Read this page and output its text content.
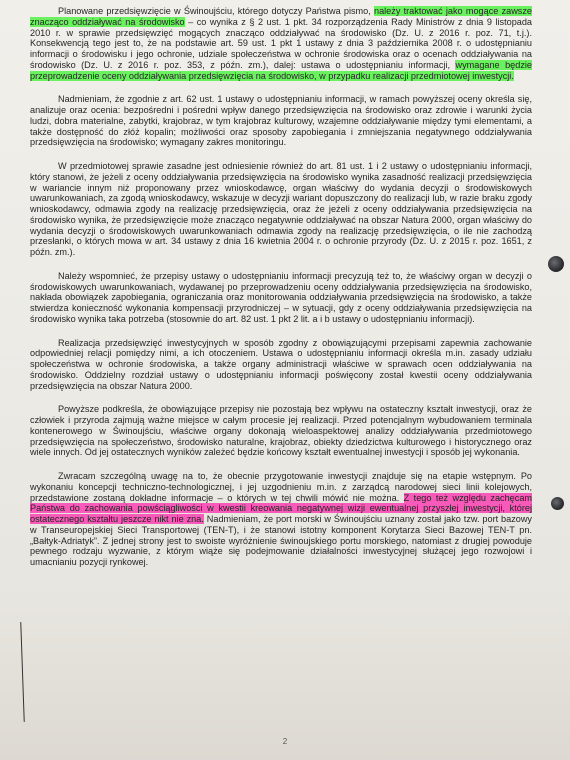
Planowane przedsięwzięcie w Świnoujściu, którego dotyczy Państwa pismo, należy traktować jako mogące zawsze znacząco oddziaływać na środowisko – co wynika z § 2 ust. 1 pkt. 34 rozporządzenia Rady Ministrów z dnia 9 listopada 2010 r. w sprawie przedsięwzięć mogących znacząco oddziaływać na środowisko (Dz. U. z 2016 r. poz. 71, t.j.). Konsekwencją tego jest to, że na podstawie art. 59 ust. 1 pkt 1 ustawy z dnia 3 października 2008 r. o udostępnianiu informacji o środowisku i jego ochronie, udziale społeczeństwa w ochronie środowiska oraz o ocenach oddziaływania na środowisko (Dz. U. z 2016 r. poz. 353, z późn. zm.), dalej: ustawa o udostępnianiu informacji, wymagane będzie przeprowadzenie oceny oddziaływania przedsięwzięcia na środowisko, w przypadku realizacji przedmiotowej inwestycji.

Nadmieniam, że zgodnie z art. 62 ust. 1 ustawy o udostępnianiu informacji, w ramach powyższej oceny określa się, analizuje oraz ocenia: bezpośredni i pośredni wpływ danego przedsięwzięcia na środowisko oraz zdrowie i warunki życia ludzi, dobra materialne, zabytki, krajobraz, w tym krajobraz kulturowy, wzajemne oddziaływanie między tymi elementami, a także dostępność do złóż kopalin; możliwości oraz sposoby zapobiegania i zmniejszania negatywnego oddziaływania przedsięwzięcia na środowisko; wymagany zakres monitoringu.

W przedmiotowej sprawie zasadne jest odniesienie również do art. 81 ust. 1 i 2 ustawy o udostępnianiu informacji, który stanowi, że jeżeli z oceny oddziaływania przedsięwzięcia na środowisko wynika zasadność realizacji przedsięwzięcia w wariancie innym niż proponowany przez wnioskodawcę, organ właściwy do wydania decyzji o środowiskowych uwarunkowaniach, za zgodą wnioskodawcy, wskazuje w decyzji wariant dopuszczony do realizacji lub, w razie braku zgody wnioskodawcy, odmawia zgody na realizację przedsięwzięcia, oraz że jeżeli z oceny oddziaływania przedsięwzięcia na środowisko wynika, że przedsięwzięcie może znacząco negatywnie oddziaływać na obszar Natura 2000, organ właściwy do wydania decyzji o środowiskowych uwarunkowaniach odmawia zgody na realizację przedsięwzięcia, o ile nie zachodzą przesłanki, o których mowa w art. 34 ustawy z dnia 16 kwietnia 2004 r. o ochronie przyrody (Dz. U. z 2015 r. poz. 1651, z późn. zm.).

Należy wspomnieć, że przepisy ustawy o udostępnianiu informacji precyzują też to, że właściwy organ w decyzji o środowiskowych uwarunkowaniach, wydawanej po przeprowadzeniu oceny oddziaływania przedsięwzięcia na środowisko, nakłada obowiązek zapobiegania, ograniczania oraz monitorowania oddziaływania przedsięwzięcia na środowisko, a także stwierdza konieczność wykonania kompensacji przyrodniczej – w sytuacji, gdy z oceny oddziaływania przedsięwzięcia na środowisko wynika taka potrzeba (stosownie do art. 82 ust. 1 pkt 2 lit. a i b ustawy o udostępnianiu informacji).

Realizacja przedsięwzięć inwestycyjnych w sposób zgodny z obowiązującymi przepisami zapewnia zachowanie odpowiedniej relacji pomiędzy nimi, a ich otoczeniem. Ustawa o udostępnianiu informacji określa m.in. zasady udziału społeczeństwa w ochronie środowiska, a także organy administracji właściwe w sprawach ocen oddziaływania na środowisko. Oddzielny rozdział ustawy o udostępnianiu informacji poświęcony został kwestii oceny oddziaływania przedsięwzięcia na obszar Natura 2000.

Powyższe podkreśla, że obowiązujące przepisy nie pozostają bez wpływu na ostateczny kształt inwestycji, oraz że człowiek i przyroda zajmują ważne miejsce w całym procesie jej realizacji. Przed potencjalnym wybudowaniem terminala kontenerowego w Świnoujściu, właściwe organy dokonają wieloaspektowej analizy oddziaływania przedmiotowego przedsięwzięcia na społeczeństwo, środowisko naturalne, krajobraz, obiekty dziedzictwa kulturowego i historycznego oraz wiele innych. Od jej ostatecznych wyników zależeć będzie końcowy kształt ewentualnej inwestycji i sposób jej wykonania.

Zwracam szczególną uwagę na to, że obecnie przygotowanie inwestycji znajduje się na etapie wstępnym. Po wykonaniu koncepcji techniczno-technologicznej, i jej uzgodnieniu m.in. z zarządcą narodowej sieci linii kolejowych, przedstawione zostaną dokładne informacje – o których w tej chwili mówić nie można. Z tego też względu zachęcam Państwa do zachowania powściągliwości w kwestii kreowania negatywnej wizji ewentualnej przyszłej inwestycji, której ostatecznego kształtu jeszcze nikt nie zna. Nadmieniam, że port morski w Świnoujściu uznany został jako tzw. port bazowy w Transeuropejskiej Sieci Transportowej (TEN-T), i że stanowi istotny komponent Korytarza Sieci Bazowej TEN-T pn. „Bałtyk-Adriatyk”. Z jednej strony jest to swoiste wyróżnienie świnoujskiego portu morskiego, natomiast z drugiej powoduje pewnego rodzaju wyzwanie, z którym wiąże się podejmowanie działalności inwestycyjnej służącej jego rozwojowi i umacnianiu pozycji rynkowej.

2
